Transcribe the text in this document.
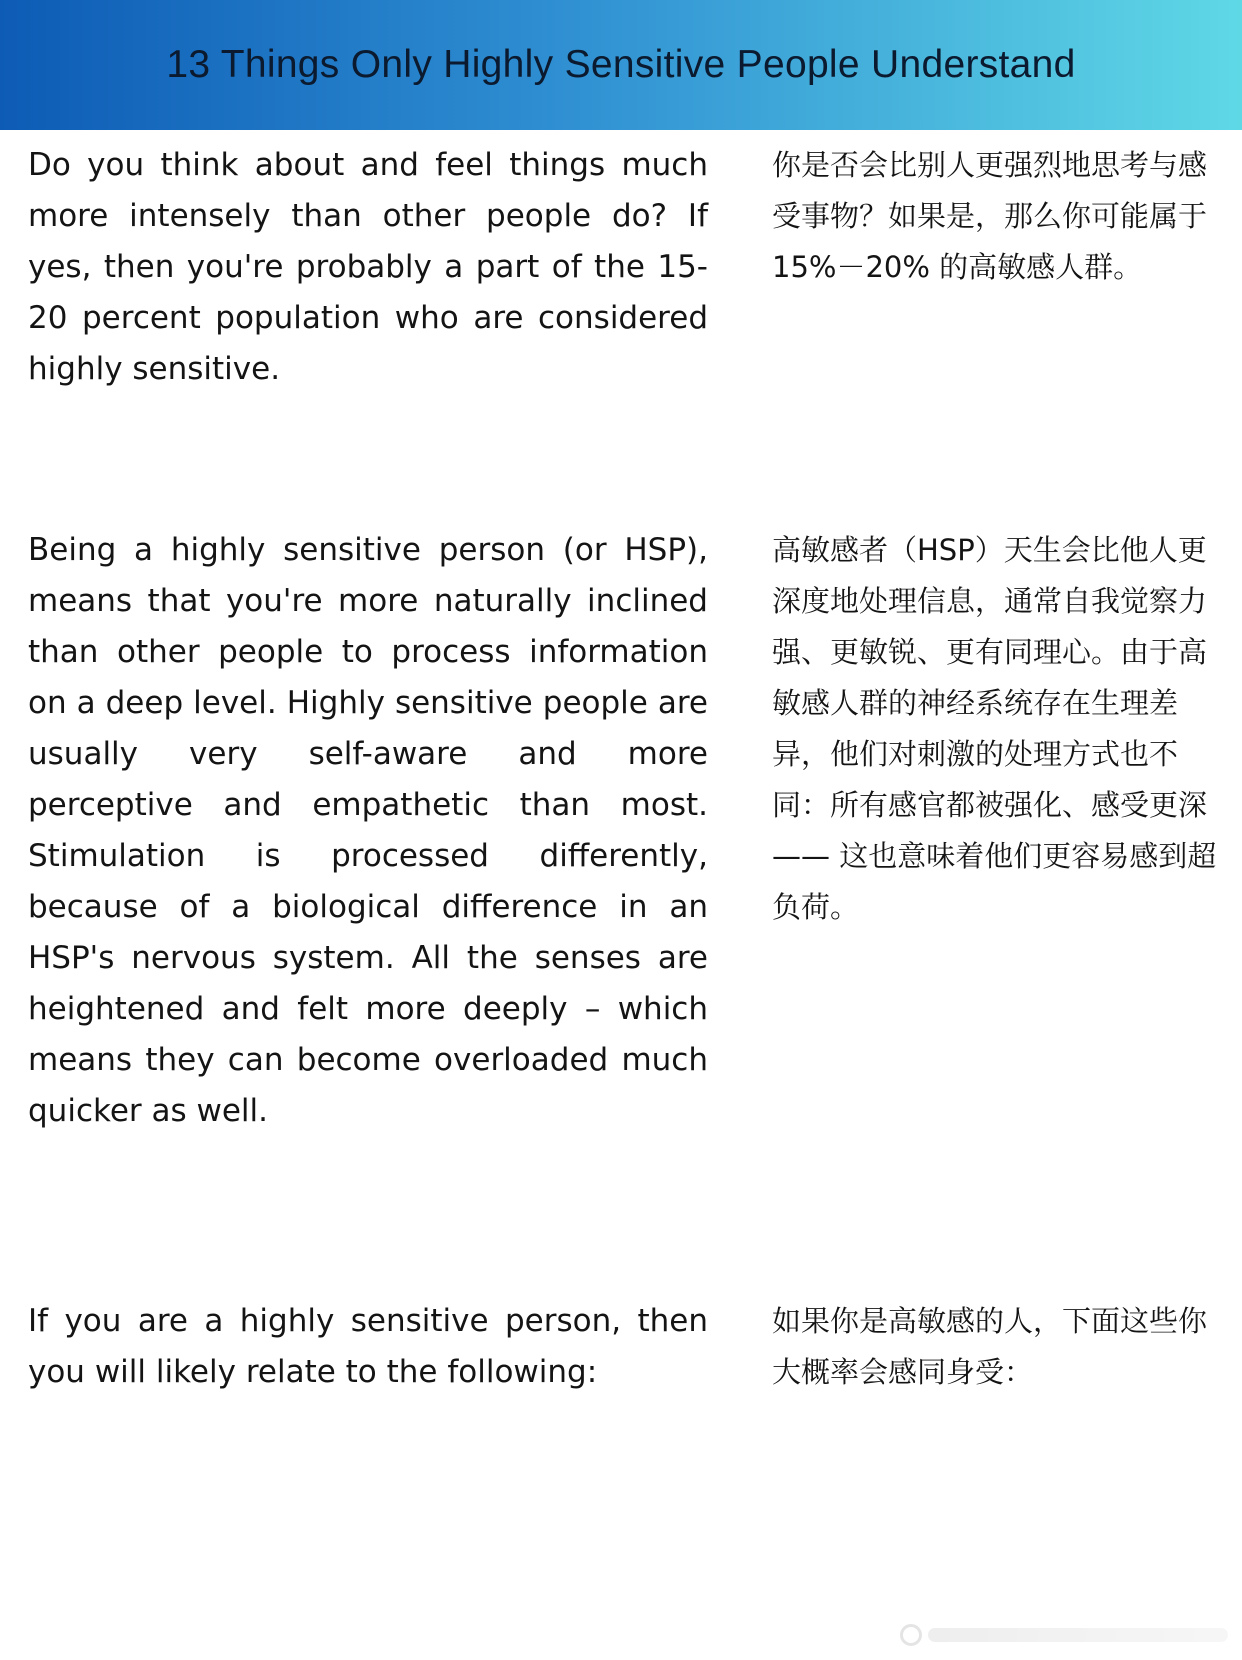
13 Things Only Highly Sensitive People Understand

Do you think about and feel things much more intensely than other people do? If yes, then you're probably a part of the 15-20 percent population who are considered highly sensitive.

你是否会比别人更强烈地思考与感受事物？如果是，那么你可能属于 15%－20% 的高敏感人群。

Being a highly sensitive person (or HSP), means that you're more naturally inclined than other people to process information on a deep level. Highly sensitive people are usually very self-aware and more perceptive and empathetic than most. Stimulation is processed differently, because of a biological difference in an HSP's nervous system. All the senses are heightened and felt more deeply – which means they can become overloaded much quicker as well.

高敏感者（HSP）天生会比他人更深度地处理信息，通常自我觉察力强、更敏锐、更有同理心。由于高敏感人群的神经系统存在生理差异，他们对刺激的处理方式也不同：所有感官都被强化、感受更深 —— 这也意味着他们更容易感到超负荷。

If you are a highly sensitive person, then you will likely relate to the following:

如果你是高敏感的人，下面这些你大概率会感同身受：
